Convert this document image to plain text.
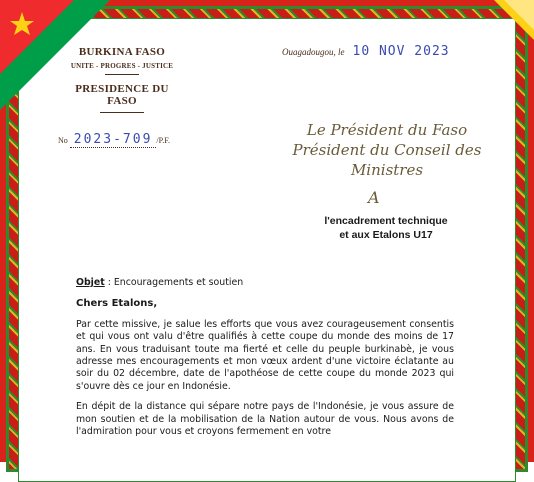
BURKINA FASO
UNITE - PROGRES - JUSTICE
PRESIDENCE DU FASO
Ouagadougou, le 10 NOV 2023
No 2023-709 /P.F.
Le Président du Faso
Président du Conseil des
Ministres
A
l'encadrement technique
et aux Etalons U17
Objet : Encouragements et soutien
Chers Etalons,
Par cette missive, je salue les efforts que vous avez courageusement consentis et qui vous ont valu d'être qualifiés à cette coupe du monde des moins de 17 ans. En vous traduisant toute ma fierté et celle du peuple burkinabè, je vous adresse mes encouragements et mon vœux ardent d'une victoire éclatante au soir du 02 décembre, date de l'apothéose de cette coupe du monde 2023 qui s'ouvre dès ce jour en Indonésie.
En dépit de la distance qui sépare notre pays de l'Indonésie, je vous assure de mon soutien et de la mobilisation de la Nation autour de vous. Nous avons de l'admiration pour vous et croyons fermement en votre
